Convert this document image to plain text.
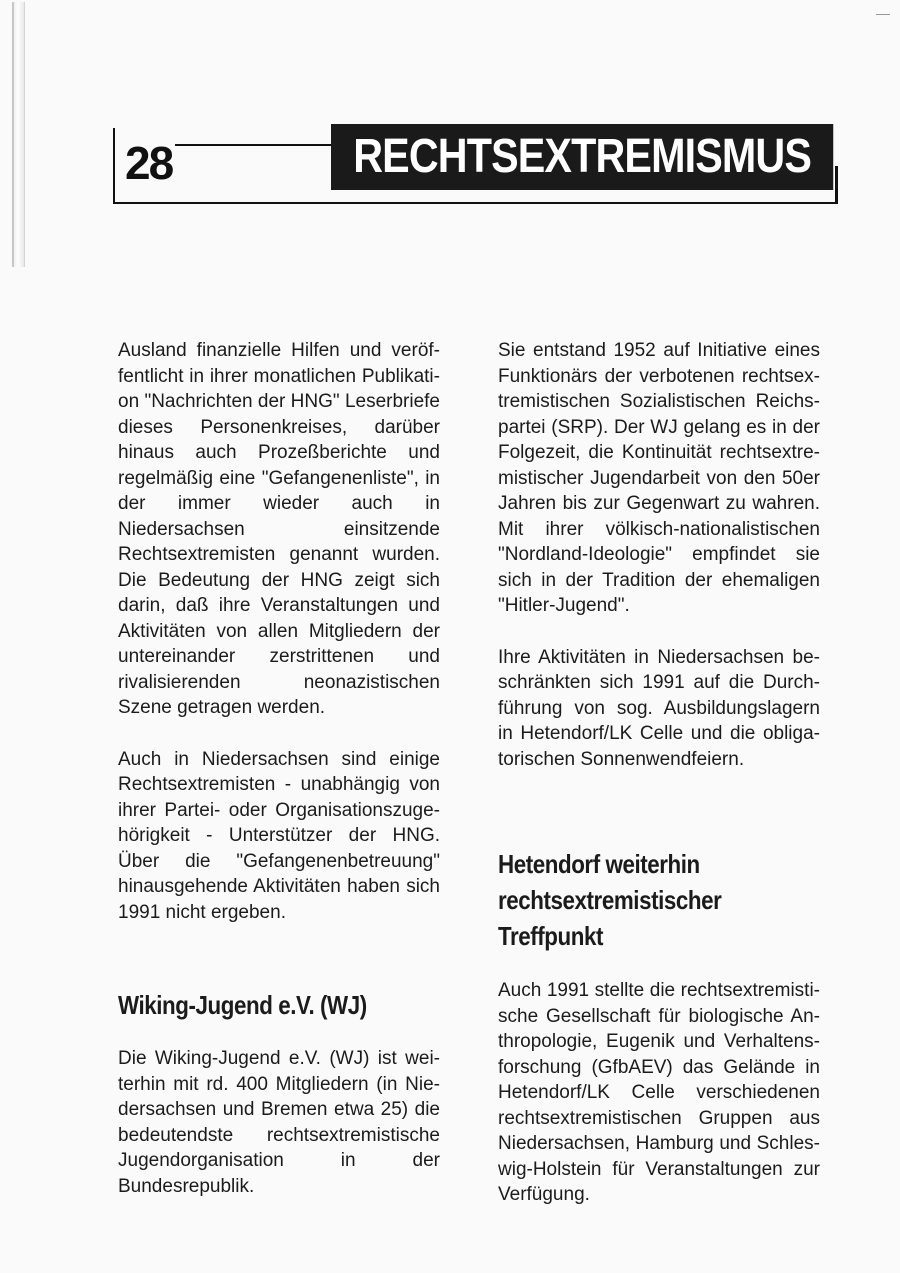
28	RECHTSEXTREMISMUS

Ausland finanzielle Hilfen und veröffentlicht in ihrer monatlichen Publikation "Nachrichten der HNG" Leserbriefe dieses Personenkreises, darüber hinaus auch Prozeßberichte und regelmäßig eine "Gefangenenliste", in der immer wieder auch in Niedersachsen einsitzende Rechtsextremisten genannt wurden. Die Bedeutung der HNG zeigt sich darin, daß ihre Veranstaltungen und Aktivitäten von allen Mitgliedern der untereinander zerstrittenen und rivalisierenden neonazistischen Szene getragen werden.

Auch in Niedersachsen sind einige Rechtsextremisten - unabhängig von ihrer Partei- oder Organisationszugehörigkeit - Unterstützer der HNG. Über die "Gefangenenbetreuung" hinausgehende Aktivitäten haben sich 1991 nicht ergeben.

Wiking-Jugend e.V. (WJ)

Die Wiking-Jugend e.V. (WJ) ist weiterhin mit rd. 400 Mitgliedern (in Niedersachsen und Bremen etwa 25) die bedeutendste rechtsextremistische Jugendorganisation in der Bundesrepublik.

Sie entstand 1952 auf Initiative eines Funktionärs der verbotenen rechtsextremistischen Sozialistischen Reichspartei (SRP). Der WJ gelang es in der Folgezeit, die Kontinuität rechtsextremistischer Jugendarbeit von den 50er Jahren bis zur Gegenwart zu wahren. Mit ihrer völkisch-nationalistischen "Nordland-Ideologie" empfindet sie sich in der Tradition der ehemaligen "Hitler-Jugend".

Ihre Aktivitäten in Niedersachsen beschränkten sich 1991 auf die Durchführung von sog. Ausbildungslagern in Hetendorf/LK Celle und die obligatorischen Sonnenwendfeiern.

Hetendorf weiterhin
rechtsextremistischer Treffpunkt

Auch 1991 stellte die rechtsextremistische Gesellschaft für biologische Anthropologie, Eugenik und Verhaltensforschung (GfbAEV) das Gelände in Hetendorf/LK Celle verschiedenen rechtsextremistischen Gruppen aus Niedersachsen, Hamburg und Schleswig-Holstein für Veranstaltungen zur Verfügung.
